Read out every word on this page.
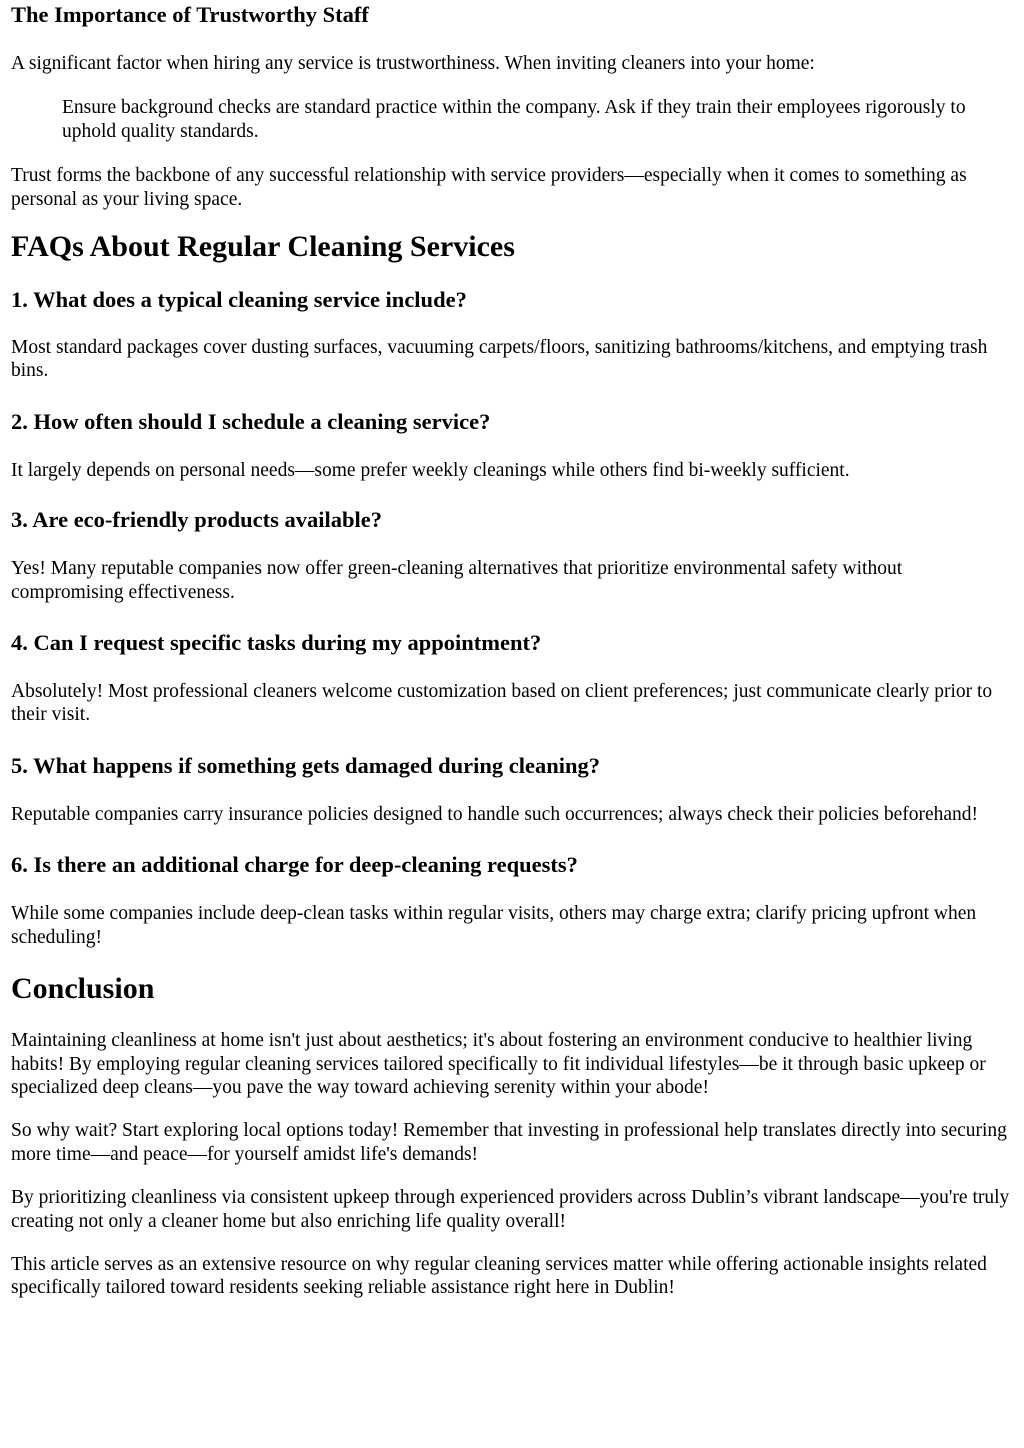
The Importance of Trustworthy Staff

A significant factor when hiring any service is trustworthiness. When inviting cleaners into your home:

Ensure background checks are standard practice within the company. Ask if they train their employees rigorously to uphold quality standards.

Trust forms the backbone of any successful relationship with service providers—especially when it comes to something as personal as your living space.

FAQs About Regular Cleaning Services
1. What does a typical cleaning service include?

Most standard packages cover dusting surfaces, vacuuming carpets/floors, sanitizing bathrooms/kitchens, and emptying trash bins.

2. How often should I schedule a cleaning service?

It largely depends on personal needs—some prefer weekly cleanings while others find bi-weekly sufficient.

3. Are eco-friendly products available?

Yes! Many reputable companies now offer green-cleaning alternatives that prioritize environmental safety without compromising effectiveness.

4. Can I request specific tasks during my appointment?

Absolutely! Most professional cleaners welcome customization based on client preferences; just communicate clearly prior to their visit.

5. What happens if something gets damaged during cleaning?

Reputable companies carry insurance policies designed to handle such occurrences; always check their policies beforehand!

6. Is there an additional charge for deep-cleaning requests?

While some companies include deep-clean tasks within regular visits, others may charge extra; clarify pricing upfront when scheduling!

Conclusion

Maintaining cleanliness at home isn't just about aesthetics; it's about fostering an environment conducive to healthier living habits! By employing regular cleaning services tailored specifically to fit individual lifestyles—be it through basic upkeep or specialized deep cleans—you pave the way toward achieving serenity within your abode!

So why wait? Start exploring local options today! Remember that investing in professional help translates directly into securing more time—and peace—for yourself amidst life's demands!

By prioritizing cleanliness via consistent upkeep through experienced providers across Dublin’s vibrant landscape—you're truly creating not only a cleaner home but also enriching life quality overall!

This article serves as an extensive resource on why regular cleaning services matter while offering actionable insights related specifically tailored toward residents seeking reliable assistance right here in Dublin!
